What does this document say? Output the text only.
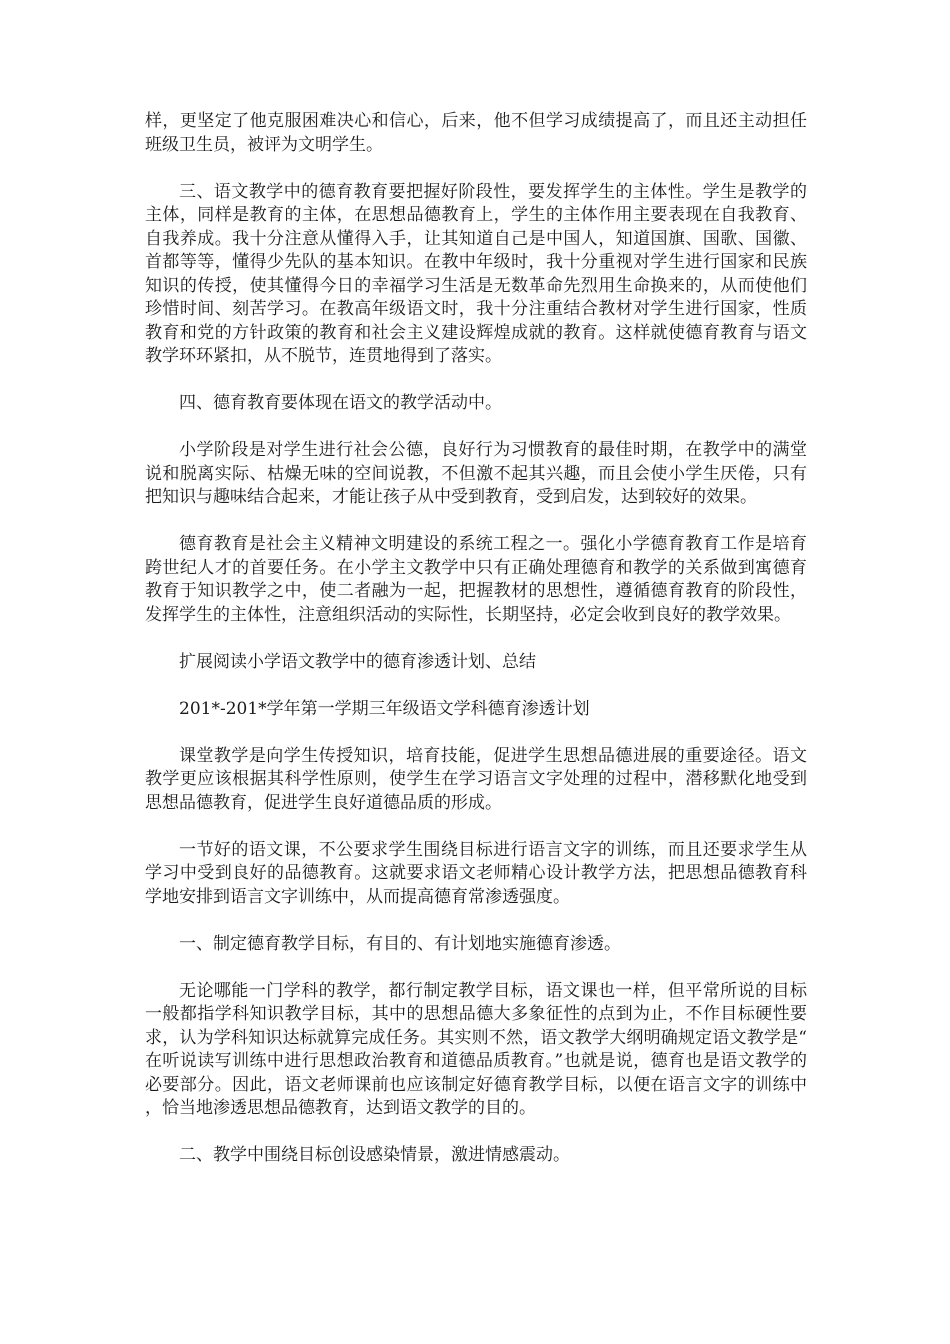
样，更坚定了他克服困难决心和信心，后来，他不但学习成绩提高了，而且还主动担任班级卫生员，被评为文明学生。

三、语文教学中的德育教育要把握好阶段性，要发挥学生的主体性。学生是教学的主体，同样是教育的主体，在思想品德教育上，学生的主体作用主要表现在自我教育、自我养成。我十分注意从懂得入手，让其知道自己是中国人，知道国旗、国歌、国徽、首都等等，懂得少先队的基本知识。在教中年级时，我十分重视对学生进行国家和民族知识的传授，使其懂得今日的幸福学习生活是无数革命先烈用生命换来的，从而使他们珍惜时间、刻苦学习。在教高年级语文时，我十分注重结合教材对学生进行国家，性质教育和党的方针政策的教育和社会主义建设辉煌成就的教育。这样就使德育教育与语文教学环环紧扣，从不脱节，连贯地得到了落实。

四、德育教育要体现在语文的教学活动中。

小学阶段是对学生进行社会公德，良好行为习惯教育的最佳时期，在教学中的满堂说和脱离实际、枯燥无味的空间说教，不但激不起其兴趣，而且会使小学生厌倦，只有把知识与趣味结合起来，才能让孩子从中受到教育，受到启发，达到较好的效果。

德育教育是社会主义精神文明建设的系统工程之一。强化小学德育教育工作是培育跨世纪人才的首要任务。在小学主文教学中只有正确处理德育和教学的关系做到寓德育教育于知识教学之中，使二者融为一起，把握教材的思想性，遵循德育教育的阶段性，发挥学生的主体性，注意组织活动的实际性，长期坚持，必定会收到良好的教学效果。

扩展阅读小学语文教学中的德育渗透计划、总结

201*-201*学年第一学期三年级语文学科德育渗透计划

课堂教学是向学生传授知识，培育技能，促进学生思想品德进展的重要途径。语文教学更应该根据其科学性原则，使学生在学习语言文字处理的过程中，潜移默化地受到思想品德教育，促进学生良好道德品质的形成。

一节好的语文课，不公要求学生围绕目标进行语言文字的训练，而且还要求学生从学习中受到良好的品德教育。这就要求语文老师精心设计教学方法，把思想品德教育科学地安排到语言文字训练中，从而提高德育常渗透强度。

一、制定德育教学目标，有目的、有计划地实施德育渗透。

无论哪能一门学科的教学，都行制定教学目标，语文课也一样，但平常所说的目标一般都指学科知识教学目标，其中的思想品德大多象征性的点到为止，不作目标硬性要求，认为学科知识达标就算完成任务。其实则不然，语文教学大纲明确规定语文教学是“在听说读写训练中进行思想政治教育和道德品质教育。”也就是说，德育也是语文教学的必要部分。因此，语文老师课前也应该制定好德育教学目标，以便在语言文字的训练中，恰当地渗透思想品德教育，达到语文教学的目的。

二、教学中围绕目标创设感染情景，激进情感震动。
